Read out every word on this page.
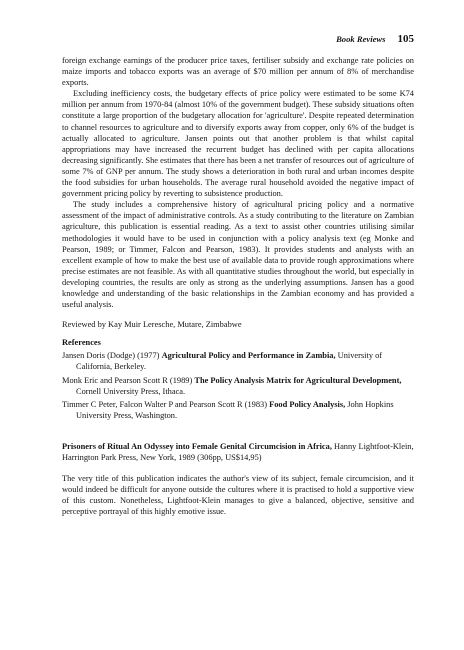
Book Reviews 105

foreign exchange earnings of the producer price taxes, fertiliser subsidy and exchange rate policies on maize imports and tobacco exports was an average of $70 million per annum of 8% of merchandise exports.

Excluding inefficiency costs, the budgetary effects of price policy were estimated to be some K74 million per annum from 1970-84 (almost 10% of the government budget). These subsidy situations often constitute a large proportion of the budgetary allocation for 'agriculture'. Despite repeated determination to channel resources to agriculture and to diversify exports away from copper, only 6% of the budget is actually allocated to agriculture. Jansen points out that another problem is that whilst capital appropriations may have increased the recurrent budget has declined with per capita allocations decreasing significantly. She estimates that there has been a net transfer of resources out of agriculture of some 7% of GNP per annum. The study shows a deterioration in both rural and urban incomes despite the food subsidies for urban households. The average rural household avoided the negative impact of government pricing policy by reverting to subsistence production.

The study includes a comprehensive history of agricultural pricing policy and a normative assessment of the impact of administrative controls. As a study contributing to the literature on Zambian agriculture, this publication is essential reading. As a text to assist other countries utilising similar methodologies it would have to be used in conjunction with a policy analysis text (eg Monke and Pearson, 1989; or Timmer, Falcon and Pearson, 1983). It provides students and analysts with an excellent example of how to make the best use of available data to provide rough approximations where precise estimates are not feasible. As with all quantitative studies throughout the world, but especially in developing countries, the results are only as strong as the underlying assumptions. Jansen has a good knowledge and understanding of the basic relationships in the Zambian economy and has provided a useful analysis.

Reviewed by Kay Muir Leresche, Mutare, Zimbabwe

References

Jansen Doris (Dodge) (1977) Agricultural Policy and Performance in Zambia, University of California, Berkeley.

Monk Eric and Pearson Scott R (1989) The Policy Analysis Matrix for Agricultural Development, Cornell University Press, Ithaca.

Timmer C Peter, Falcon Walter P and Pearson Scott R (1983) Food Policy Analysis, John Hopkins University Press, Washington.

Prisoners of Ritual An Odyssey into Female Genital Circumcision in Africa, Hanny Lightfoot-Klein, Harrington Park Press, New York, 1989 (306pp, US$14,95)

The very title of this publication indicates the author's view of its subject, female circumcision, and it would indeed be difficult for anyone outside the cultures where it is practised to hold a supportive view of this custom. Nonetheless, Lightfoot-Klein manages to give a balanced, objective, sensitive and perceptive portrayal of this highly emotive issue.
